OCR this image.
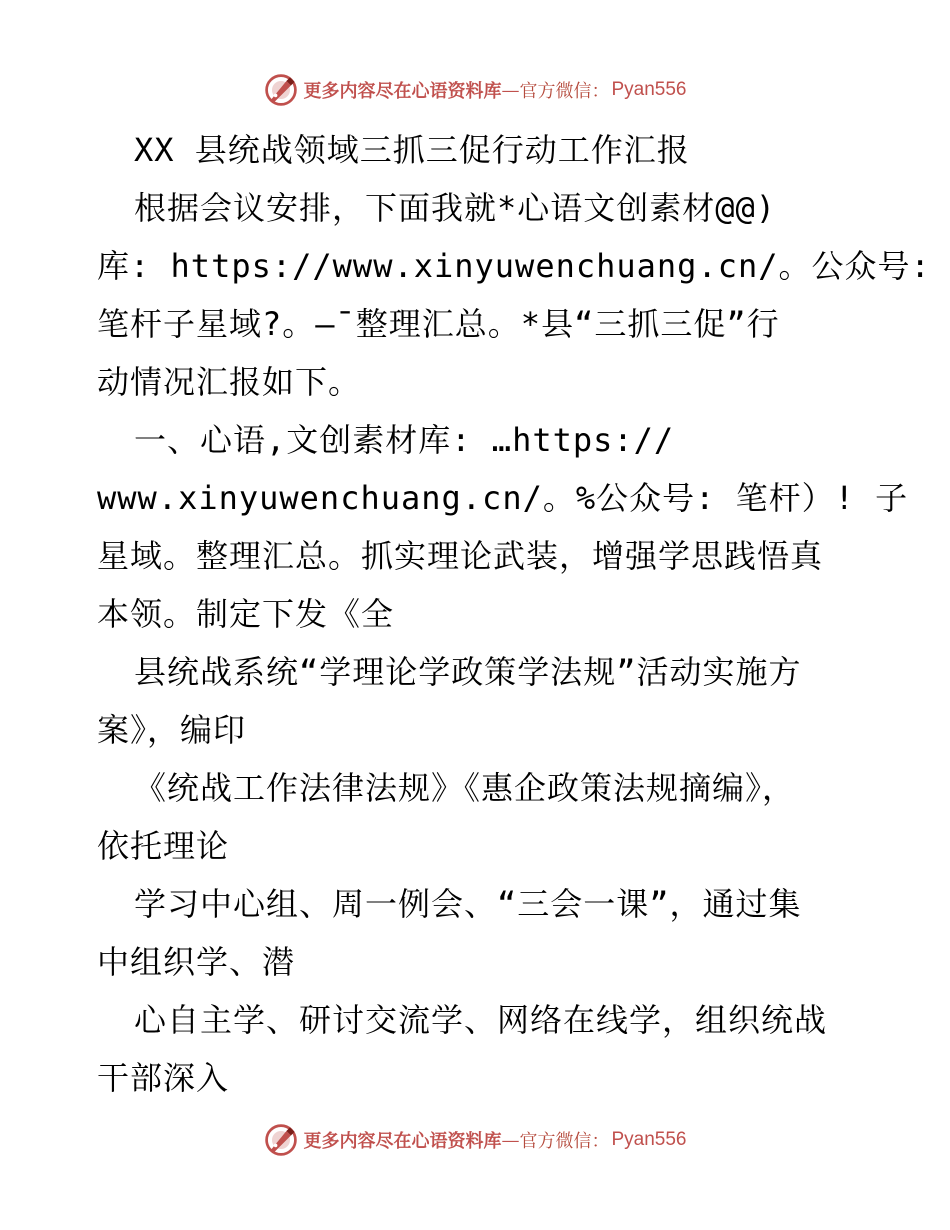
更多内容尽在心语资料库 — 官方微信： Pyan556
XX 县统战领域三抓三促行动工作汇报
根据会议安排，下面我就*心语文创素材@@)
库: https://www.xinyuwenchuang.cn/。公众号:
笔杆子星域?。—¯整理汇总。*县“三抓三促”行
动情况汇报如下。
一、心语,文创素材库: …https://
www.xinyuwenchuang.cn/。%公众号: 笔杆）! 子
星域。整理汇总。抓实理论武装，增强学思践悟真
本领。制定下发《全
县统战系统“学理论学政策学法规”活动实施方
案》，编印
《统战工作法律法规》《惠企政策法规摘编》，
依托理论
学习中心组、周一例会、“三会一课”，通过集
中组织学、潜
心自主学、研讨交流学、网络在线学，组织统战
干部深入
更多内容尽在心语资料库 — 官方微信： Pyan556
